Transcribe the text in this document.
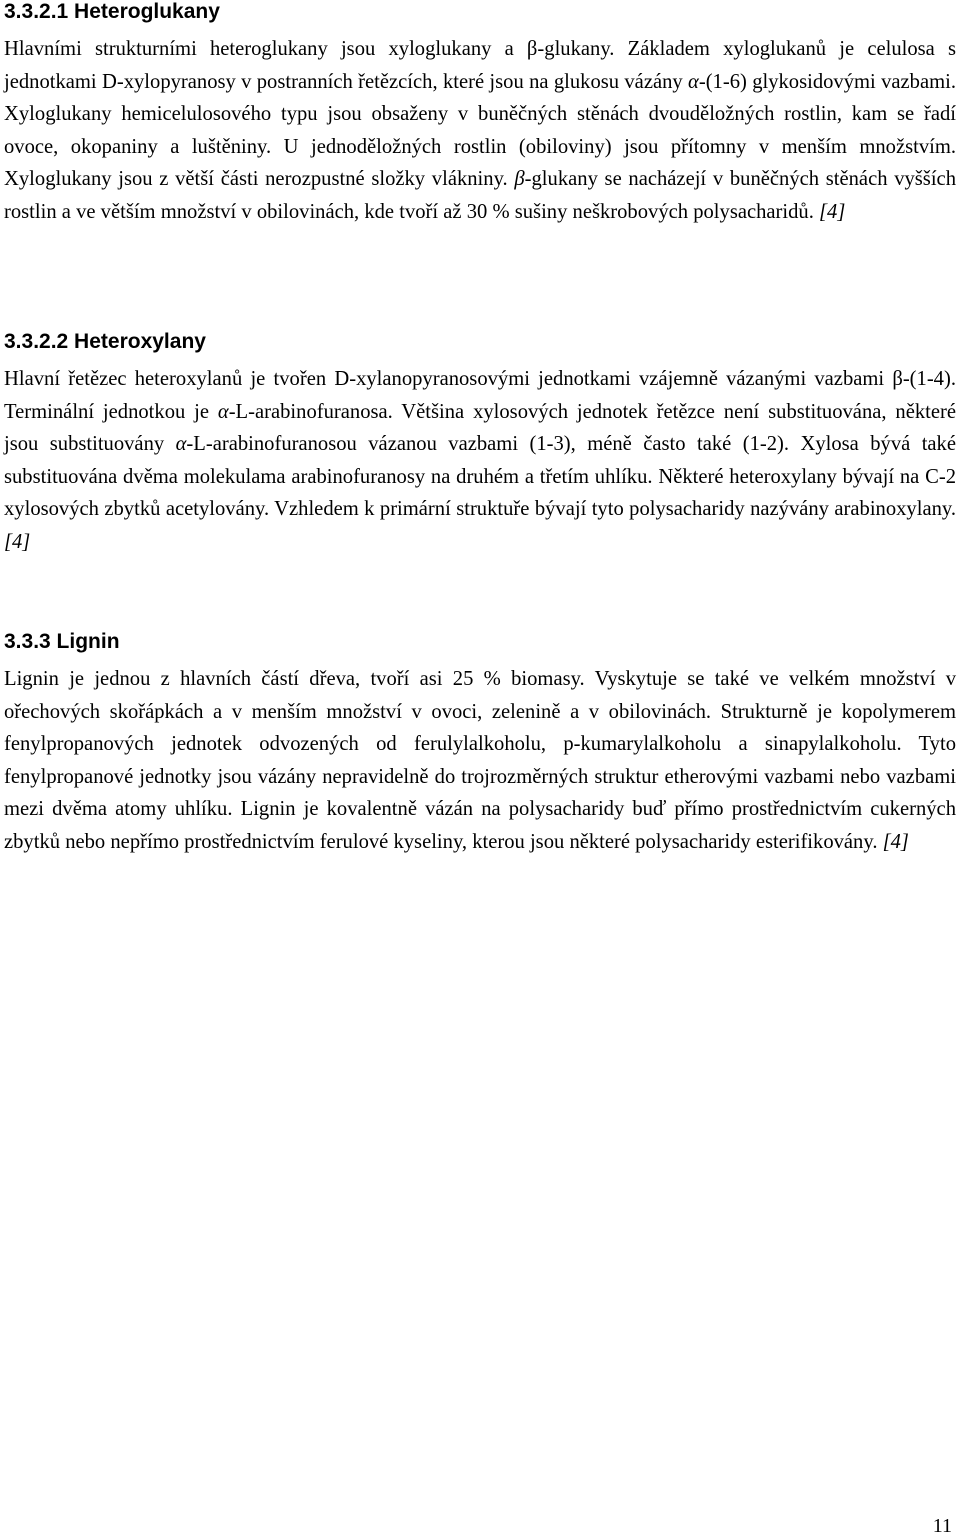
3.3.2.1 Heteroglukany

Hlavními strukturními heteroglukany jsou xyloglukany a β-glukany. Základem xyloglukanů je celulosa s jednotkami D-xylopyranosy v postranních řetězcích, které jsou na glukosu vázány α-(1-6) glykosidovými vazbami. Xyloglukany hemicelulosového typu jsou obsaženy v buněčných stěnách dvouděložných rostlin, kam se řadí ovoce, okopaniny a luštěniny. U jednoděložných rostlin (obiloviny) jsou přítomny v menším množstvím. Xyloglukany jsou z větší části nerozpustné složky vlákniny. β-glukany se nacházejí v buněčných stěnách vyšších rostlin a ve větším množství v obilovinách, kde tvoří až 30 % sušiny neškrobových polysacharidů. [4]

3.3.2.2 Heteroxylany

Hlavní řetězec heteroxylanů je tvořen D-xylanopyranosovými jednotkami vzájemně vázanými vazbami β-(1-4). Terminální jednotkou je α-L-arabinofuranosa. Většina xylosových jednotek řetězce není substituována, některé jsou substituovány α-L-arabinofuranosou vázanou vazbami (1-3), méně často také (1-2). Xylosa bývá také substituována dvěma molekulama arabinofuranosy na druhém a třetím uhlíku. Některé heteroxylany bývají na C-2 xylosových zbytků acetylovány. Vzhledem k primární struktuře bývají tyto polysacharidy nazývány arabinoxylany. [4]

3.3.3 Lignin

Lignin je jednou z hlavních částí dřeva, tvoří asi 25 % biomasy. Vyskytuje se také ve velkém množství v ořechových skořápkách a v menším množství v ovoci, zelenině a v obilovinách. Strukturně je kopolymerem fenylpropanových jednotek odvozených od ferulylalkoholu, p-kumarylalkoholu a sinapylalkoholu. Tyto fenylpropanové jednotky jsou vázány nepravidelně do trojrozměrných struktur etherovými vazbami nebo vazbami mezi dvěma atomy uhlíku. Lignin je kovalentně vázán na polysacharidy buď přímo prostřednictvím cukerných zbytků nebo nepřímo prostřednictvím ferulové kyseliny, kterou jsou některé polysacharidy esterifikovány. [4]

11
